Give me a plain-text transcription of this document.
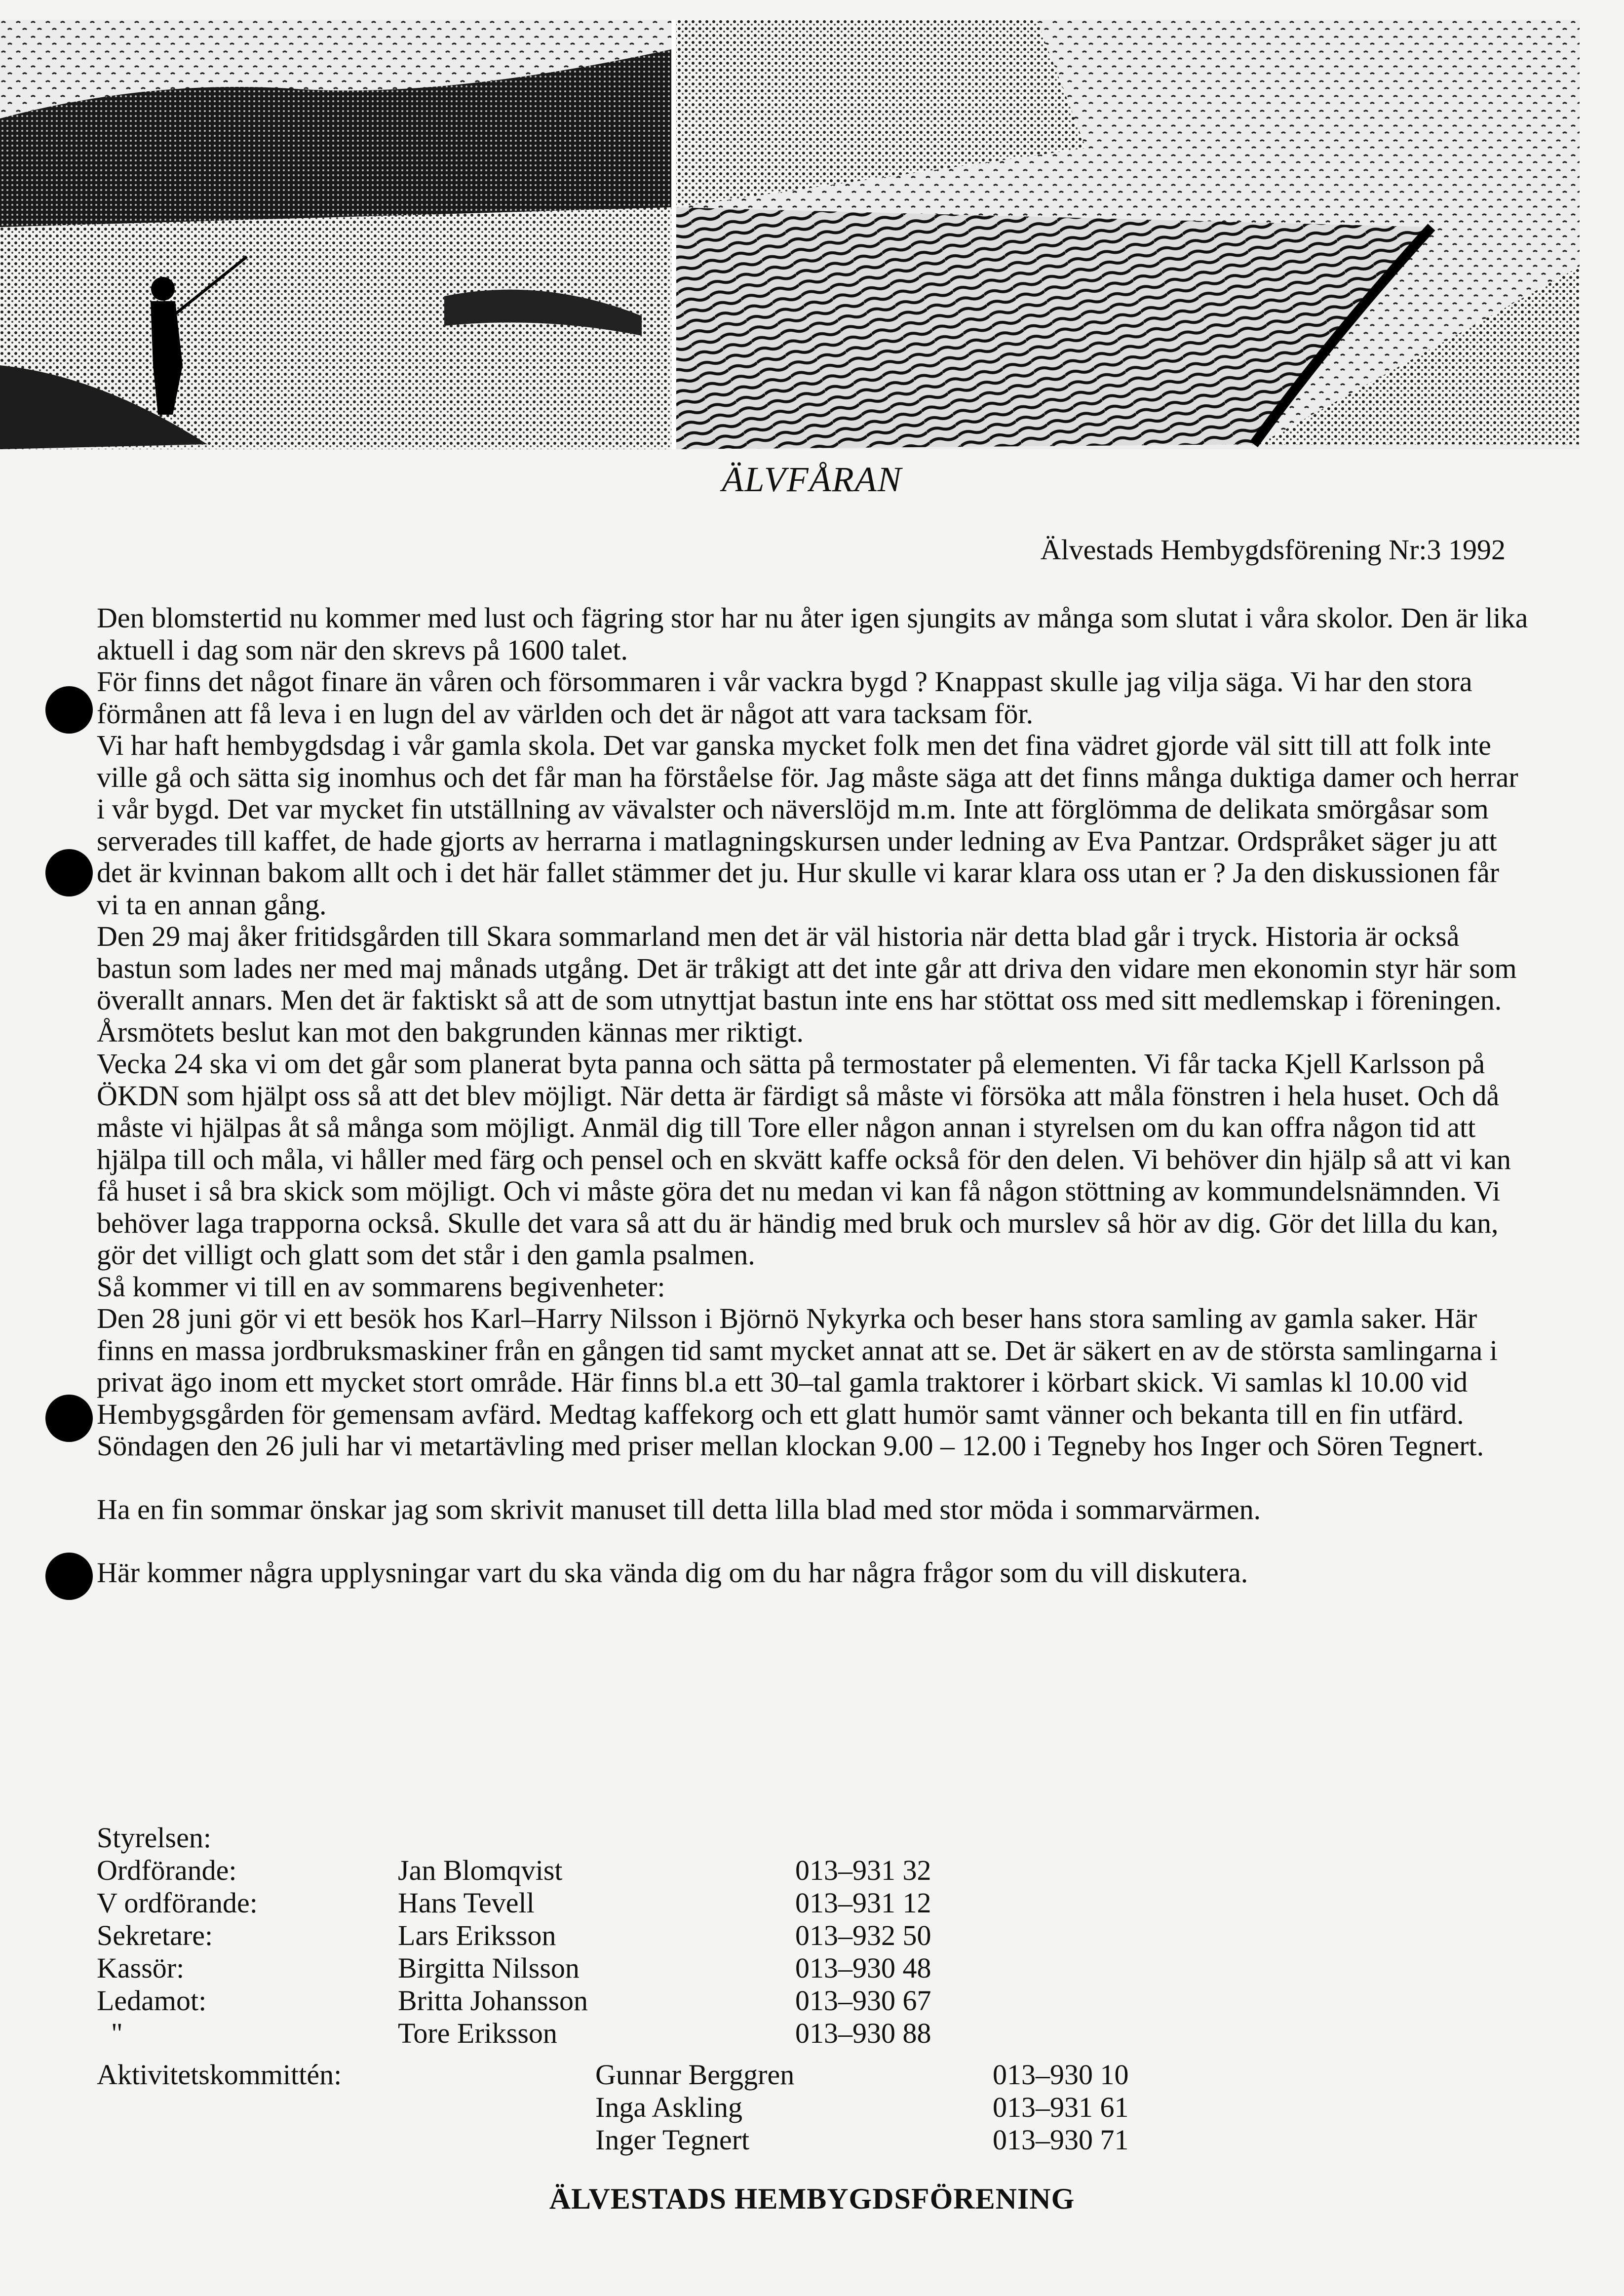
ÄLVFÅRAN
Älvestads Hembygdsförening Nr:3 1992

Den blomstertid nu kommer med lust och fägring stor har nu åter igen sjungits av många som slutat i våra skolor. Den är lika aktuell i dag som när den skrevs på 1600 talet.

För finns det något finare än våren och försommaren i vår vackra bygd ? Knappast skulle jag vilja säga. Vi har den stora förmånen att få leva i en lugn del av världen och det är något att vara tacksam för.

Vi har haft hembygdsdag i vår gamla skola. Det var ganska mycket folk men det fina vädret gjorde väl sitt till att folk inte ville gå och sätta sig inomhus och det får man ha förståelse för. Jag måste säga att det finns många duktiga damer och herrar i vår bygd. Det var mycket fin utställning av vävalster och näverslöjd m.m. Inte att förglömma de delikata smörgåsar som serverades till kaffet, de hade gjorts av herrarna i matlagningskursen under ledning av Eva Pantzar. Ordspråket säger ju att det är kvinnan bakom allt och i det här fallet stämmer det ju. Hur skulle vi karar klara oss utan er ? Ja den diskussionen får vi ta en annan gång.

Den 29 maj åker fritidsgården till Skara sommarland men det är väl historia när detta blad går i tryck. Historia är också bastun som lades ner med maj månads utgång. Det är tråkigt att det inte går att driva den vidare men ekonomin styr här som överallt annars. Men det är faktiskt så att de som utnyttjat bastun inte ens har stöttat oss med sitt medlemskap i föreningen. Årsmötets beslut kan mot den bakgrunden kännas mer riktigt.

Vecka 24 ska vi om det går som planerat byta panna och sätta på termostater på elementen. Vi får tacka Kjell Karlsson på ÖKDN som hjälpt oss så att det blev möjligt. När detta är färdigt så måste vi försöka att måla fönstren i hela huset. Och då måste vi hjälpas åt så många som möjligt. Anmäl dig till Tore eller någon annan i styrelsen om du kan offra någon tid att hjälpa till och måla, vi håller med färg och pensel och en skvätt kaffe också för den delen. Vi behöver din hjälp så att vi kan få huset i så bra skick som möjligt. Och vi måste göra det nu medan vi kan få någon stöttning av kommundelsnämnden. Vi behöver laga trapporna också. Skulle det vara så att du är händig med bruk och murslev så hör av dig. Gör det lilla du kan, gör det villigt och glatt som det står i den gamla psalmen.

Så kommer vi till en av sommarens begivenheter:

Den 28 juni gör vi ett besök hos Karl–Harry Nilsson i Björnö Nykyrka och beser hans stora samling av gamla saker. Här finns en massa jordbruksmaskiner från en gången tid samt mycket annat att se. Det är säkert en av de största samlingarna i privat ägo inom ett mycket stort område. Här finns bl.a ett 30–tal gamla traktorer i körbart skick. Vi samlas kl 10.00 vid Hembygsgården för gemensam avfärd. Medtag kaffekorg och ett glatt humör samt vänner och bekanta till en fin utfärd.

Söndagen den 26 juli har vi metartävling med priser mellan klockan 9.00 – 12.00 i Tegneby hos Inger och Sören Tegnert.

Ha en fin sommar önskar jag som skrivit manuset till detta lilla blad med stor möda i sommarvärmen.

Här kommer några upplysningar vart du ska vända dig om du har några frågor som du vill diskutera.

Styrelsen:
Ordförande:	Jan Blomqvist	013–931 32
V ordförande:	Hans Tevell	013–931 12
Sekretare:	Lars Eriksson	013–932 50
Kassör:	Birgitta Nilsson	013–930 48
Ledamot:	Britta Johansson	013–930 67
"	Tore Eriksson	013–930 88
Aktivitetskommittén:	Gunnar Berggren	013–930 10
Inga Askling	013–931 61
Inger Tegnert	013–930 71
ÄLVESTADS HEMBYGDSFÖRENING
